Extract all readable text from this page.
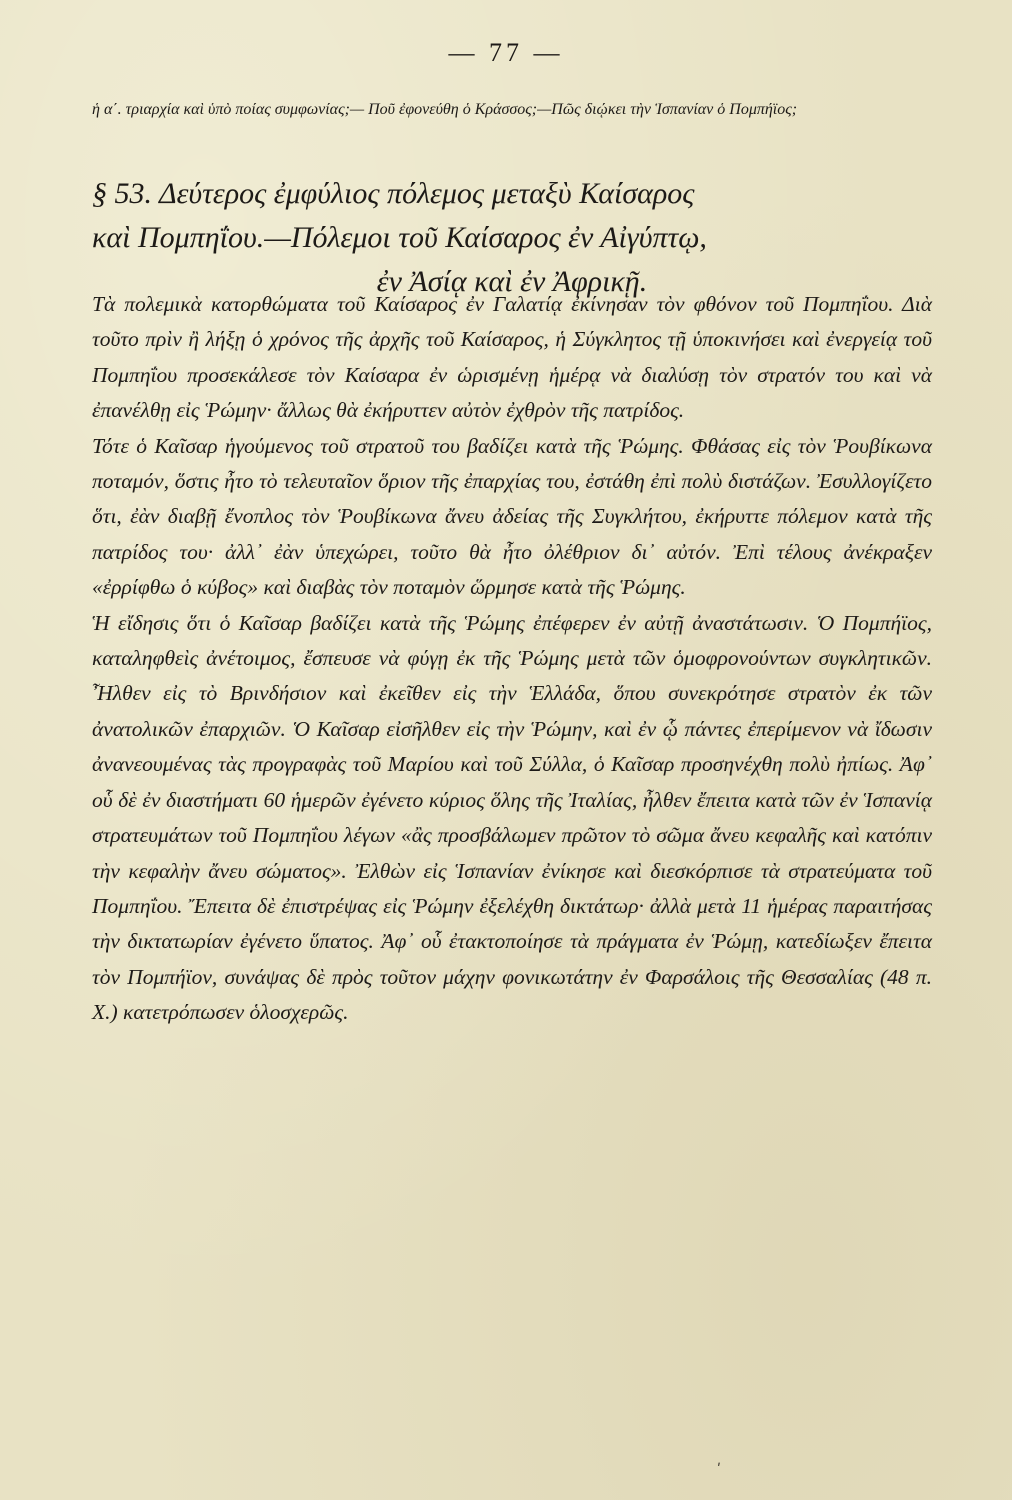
— 77 —
ἡ α΄. τριαρχία καὶ ὑπὸ ποίας συμφωνίας;— Ποῦ ἐφονεύθη ὁ Κράσσος;—Πῶς διῴκει τὴν Ἱσπανίαν ὁ Πομπήϊος;
§ 53. Δεύτερος ἐμφύλιος πόλεμος μεταξὺ Καίσαρος
καὶ Πομπηΐου.—Πόλεμοι τοῦ Καίσαρος ἐν Αἰγύπτῳ,
ἐν Ἀσίᾳ καὶ ἐν Ἀφρικῇ.

Τὰ πολεμικὰ κατορθώματα τοῦ Καίσαρος ἐν Γαλατίᾳ ἐκίνησαν τὸν φθόνον τοῦ Πομπηΐου. Διὰ τοῦτο πρὶν ἢ λήξῃ ὁ χρόνος τῆς ἀρχῆς τοῦ Καίσαρος, ἡ Σύγκλητος τῇ ὑποκινήσει καὶ ἐνεργείᾳ τοῦ Πομπηΐου προσεκάλεσε τὸν Καίσαρα ἐν ὡρισμένῃ ἡμέρᾳ νὰ διαλύσῃ τὸν στρατόν του καὶ νὰ ἐπανέλθῃ εἰς Ῥώμην· ἄλλως θὰ ἐκήρυττεν αὐτὸν ἐχθρὸν τῆς πατρίδος.

Τότε ὁ Καῖσαρ ἡγούμενος τοῦ στρατοῦ του βαδίζει κατὰ τῆς Ῥώμης. Φθάσας εἰς τὸν Ῥουβίκωνα ποταμόν, ὅστις ἦτο τὸ τελευταῖον ὅριον τῆς ἐπαρχίας του, ἐστάθη ἐπὶ πολὺ διστάζων. Ἐσυλλογίζετο ὅτι, ἐὰν διαβῇ ἔνοπλος τὸν Ῥουβίκωνα ἄνευ ἀδείας τῆς Συγκλήτου, ἐκήρυττε πόλεμον κατὰ τῆς πατρίδος του· ἀλλ᾽ ἐὰν ὑπεχώρει, τοῦτο θὰ ἦτο ὀλέθριον δι᾽ αὐτόν. Ἐπὶ τέλους ἀνέκραξεν «ἐρρίφθω ὁ κύβος» καὶ διαβὰς τὸν ποταμὸν ὥρμησε κατὰ τῆς Ῥώμης.

Ἡ εἴδησις ὅτι ὁ Καῖσαρ βαδίζει κατὰ τῆς Ῥώμης ἐπέφερεν ἐν αὐτῇ ἀναστάτωσιν. Ὁ Πομπήϊος, καταληφθεὶς ἀνέτοιμος, ἔσπευσε νὰ φύγῃ ἐκ τῆς Ῥώμης μετὰ τῶν ὁμοφρονούντων συγκλητικῶν. Ἦλθεν εἰς τὸ Βρινδήσιον καὶ ἐκεῖθεν εἰς τὴν Ἑλλάδα, ὅπου συνεκρότησε στρατὸν ἐκ τῶν ἀνατολικῶν ἐπαρχιῶν. Ὁ Καῖσαρ εἰσῆλθεν εἰς τὴν Ῥώμην, καὶ ἐν ᾧ πάντες ἐπερίμενον νὰ ἴδωσιν ἀνανεουμένας τὰς προγραφὰς τοῦ Μαρίου καὶ τοῦ Σύλλα, ὁ Καῖσαρ προσηνέχθη πολὺ ἠπίως. Ἀφ᾽ οὗ δὲ ἐν διαστήματι 60 ἡμερῶν ἐγένετο κύριος ὅλης τῆς Ἰταλίας, ἦλθεν ἔπειτα κατὰ τῶν ἐν Ἱσπανίᾳ στρατευμάτων τοῦ Πομπηΐου λέγων «ἂς προσβάλωμεν πρῶτον τὸ σῶμα ἄνευ κεφαλῆς καὶ κατόπιν τὴν κεφαλὴν ἄνευ σώματος». Ἐλθὼν εἰς Ἱσπανίαν ἐνίκησε καὶ διεσκόρπισε τὰ στρατεύματα τοῦ Πομπηΐου. Ἔπειτα δὲ ἐπιστρέψας εἰς Ῥώμην ἐξελέχθη δικτάτωρ· ἀλλὰ μετὰ 11 ἡμέρας παραιτήσας τὴν δικτατωρίαν ἐγένετο ὕπατος. Ἀφ᾽ οὗ ἐτακτοποίησε τὰ πράγματα ἐν Ῥώμῃ, κατεδίωξεν ἔπειτα τὸν Πομπήϊον, συνάψας δὲ πρὸς τοῦτον μάχην φονικωτάτην ἐν Φαρσάλοις τῆς Θεσσαλίας (48 π. Χ.) κατετρόπωσεν ὁλοσχερῶς.

ʹ
